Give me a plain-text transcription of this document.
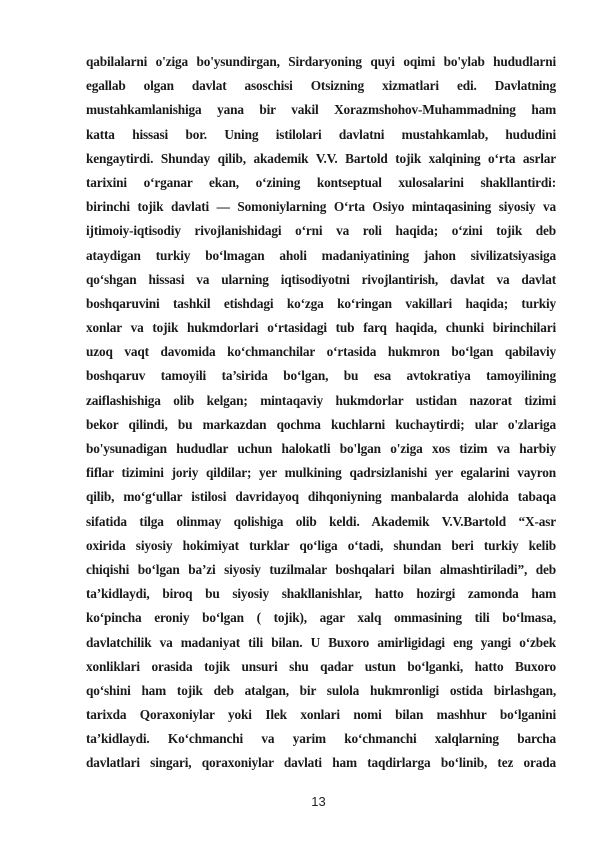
qabilalarni o'ziga bo'ysundirgan, Sirdaryoning quyi oqimi bo'ylab hududlarni
egallab olgan davlat asoschisi Otsizning xizmatlari edi. Davlatning
mustahkamlanishiga yana bir vakil Xorazmshohov-Muhammadning ham
katta hissasi bor. Uning istilolari davlatni mustahkamlab, hududini
kengaytirdi. Shunday qilib, akademik V.V. Bartold tojik xalqining o‘rta asrlar
tarixini o‘rganar ekan, o‘zining kontseptual xulosalarini shakllantirdi:
birinchi tojik davlati — Somoniylarning O‘rta Osiyo mintaqasining siyosiy va
ijtimoiy-iqtisodiy rivojlanishidagi o‘rni va roli haqida; o‘zini tojik deb
ataydigan turkiy bo‘lmagan aholi madaniyatining jahon sivilizatsiyasiga
qo‘shgan hissasi va ularning iqtisodiyotni rivojlantirish, davlat va davlat
boshqaruvini tashkil etishdagi ko‘zga ko‘ringan vakillari haqida; turkiy
xonlar va tojik hukmdorlari o‘rtasidagi tub farq haqida, chunki birinchilari
uzoq vaqt davomida ko‘chmanchilar o‘rtasida hukmron bo‘lgan qabilaviy
boshqaruv tamoyili ta’sirida bo‘lgan, bu esa avtokratiya tamoyilining
zaiflashishiga olib kelgan; mintaqaviy hukmdorlar ustidan nazorat tizimi
bekor qilindi, bu markazdan qochma kuchlarni kuchaytirdi; ular o'zlariga
bo'ysunadigan hududlar uchun halokatli bo'lgan o'ziga xos tizim va harbiy
fiflar tizimini joriy qildilar; yer mulkining qadrsizlanishi yer egalarini vayron
qilib, mo‘g‘ullar istilosi davridayoq dihqoniyning manbalarda alohida tabaqa
sifatida tilga olinmay qolishiga olib keldi. Akademik V.V.Bartold “X-asr
oxirida siyosiy hokimiyat turklar qo‘liga o‘tadi, shundan beri turkiy kelib
chiqishi bo‘lgan ba’zi siyosiy tuzilmalar boshqalari bilan almashtiriladi”, deb
ta’kidlaydi, biroq bu siyosiy shakllanishlar, hatto hozirgi zamonda ham
ko‘pincha eroniy bo‘lgan ( tojik), agar xalq ommasining tili bo‘lmasa,
davlatchilik va madaniyat tili bilan. U Buxoro amirligidagi eng yangi o‘zbek
xonliklari orasida tojik unsuri shu qadar ustun bo‘lganki, hatto Buxoro
qo‘shini ham tojik deb atalgan, bir sulola hukmronligi ostida birlashgan,
tarixda Qoraxoniylar yoki Ilek xonlari nomi bilan mashhur bo‘lganini
ta’kidlaydi. Ko‘chmanchi va yarim ko‘chmanchi xalqlarning barcha
davlatlari singari, qoraxoniylar davlati ham taqdirlarga bo‘linib, tez orada
13
